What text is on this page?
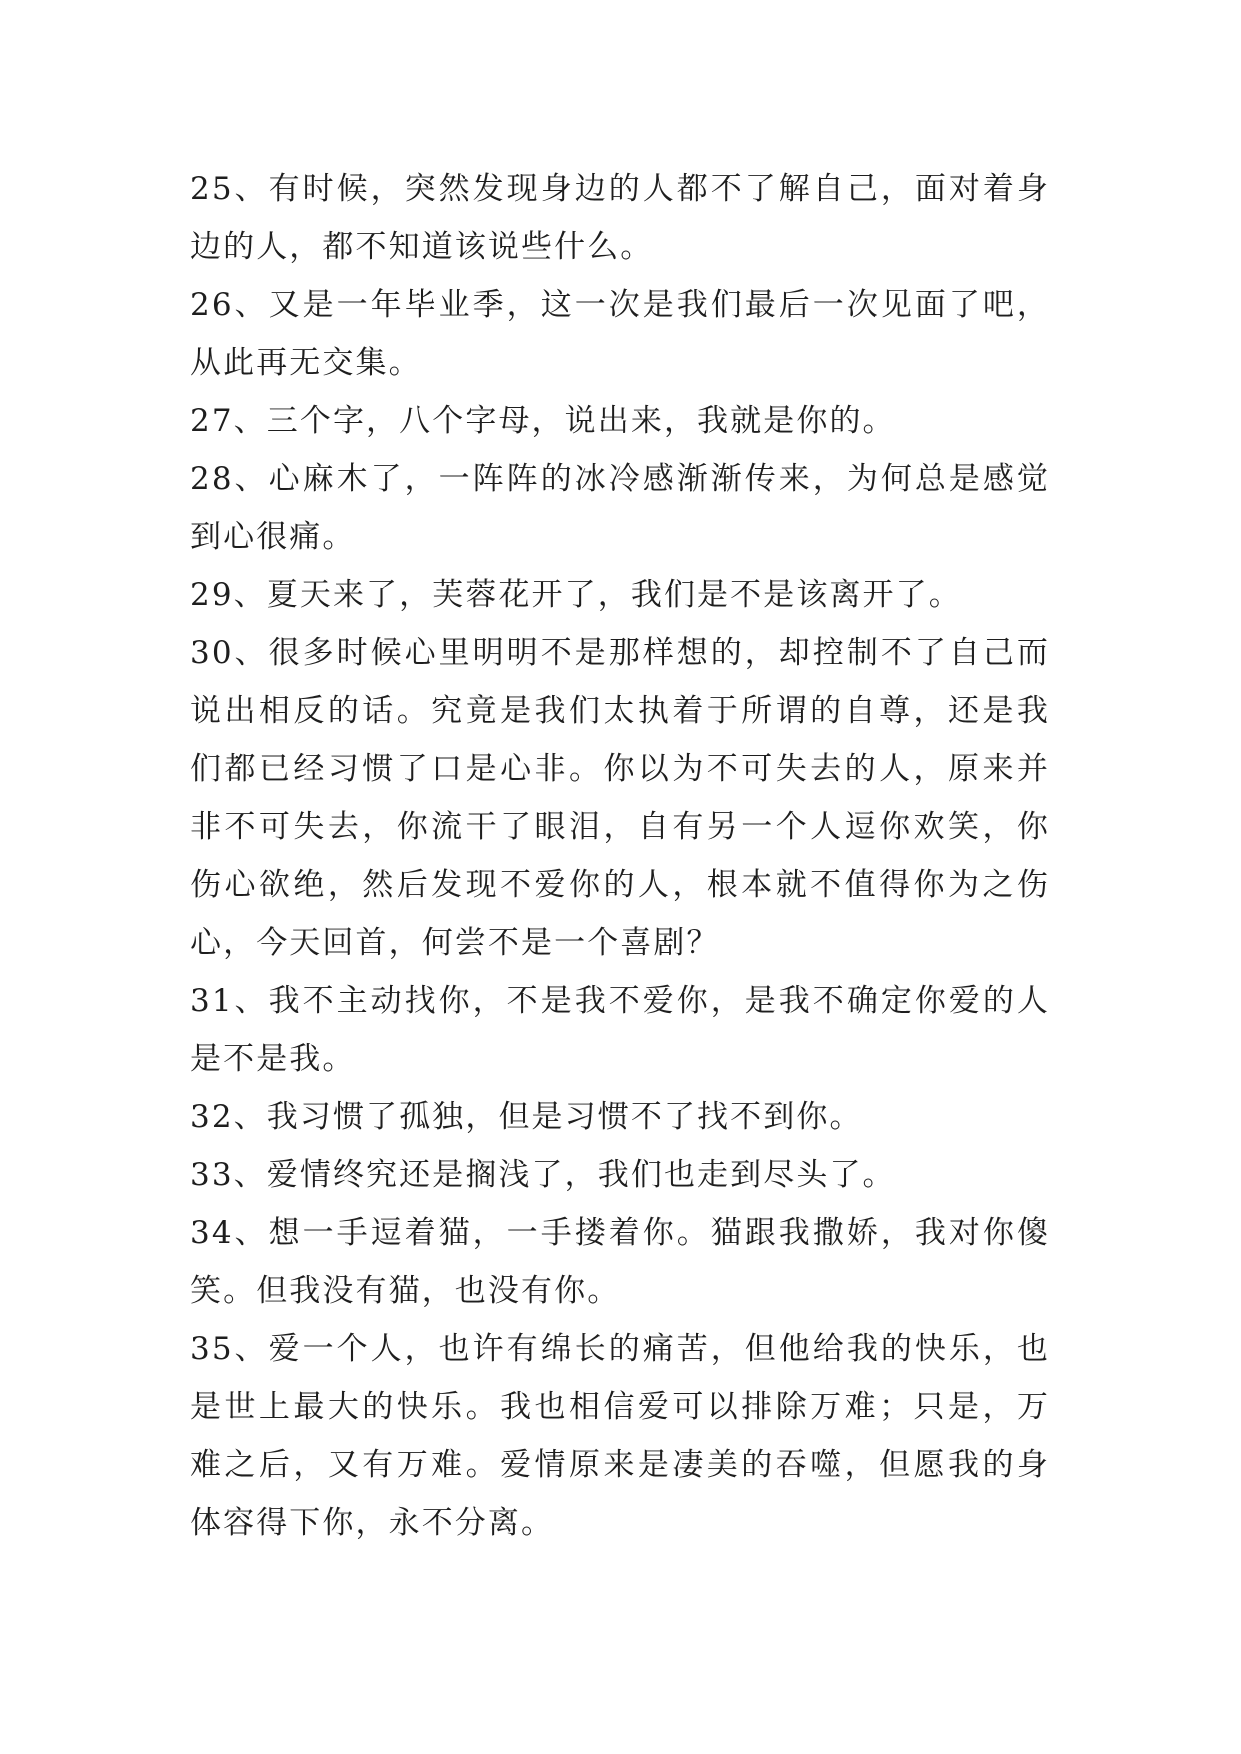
25、有时候，突然发现身边的人都不了解自己，面对着身边的人，都不知道该说些什么。

26、又是一年毕业季，这一次是我们最后一次见面了吧，从此再无交集。

27、三个字，八个字母，说出来，我就是你的。

28、心麻木了，一阵阵的冰冷感渐渐传来，为何总是感觉到心很痛。

29、夏天来了，芙蓉花开了，我们是不是该离开了。

30、很多时候心里明明不是那样想的，却控制不了自己而说出相反的话。究竟是我们太执着于所谓的自尊，还是我们都已经习惯了口是心非。你以为不可失去的人，原来并非不可失去，你流干了眼泪，自有另一个人逗你欢笑，你伤心欲绝，然后发现不爱你的人，根本就不值得你为之伤心，今天回首，何尝不是一个喜剧？

31、我不主动找你，不是我不爱你，是我不确定你爱的人是不是我。

32、我习惯了孤独，但是习惯不了找不到你。

33、爱情终究还是搁浅了，我们也走到尽头了。

34、想一手逗着猫，一手搂着你。猫跟我撒娇，我对你傻笑。但我没有猫，也没有你。

35、爱一个人，也许有绵长的痛苦，但他给我的快乐，也是世上最大的快乐。我也相信爱可以排除万难；只是，万难之后，又有万难。爱情原来是凄美的吞噬，但愿我的身体容得下你，永不分离。
